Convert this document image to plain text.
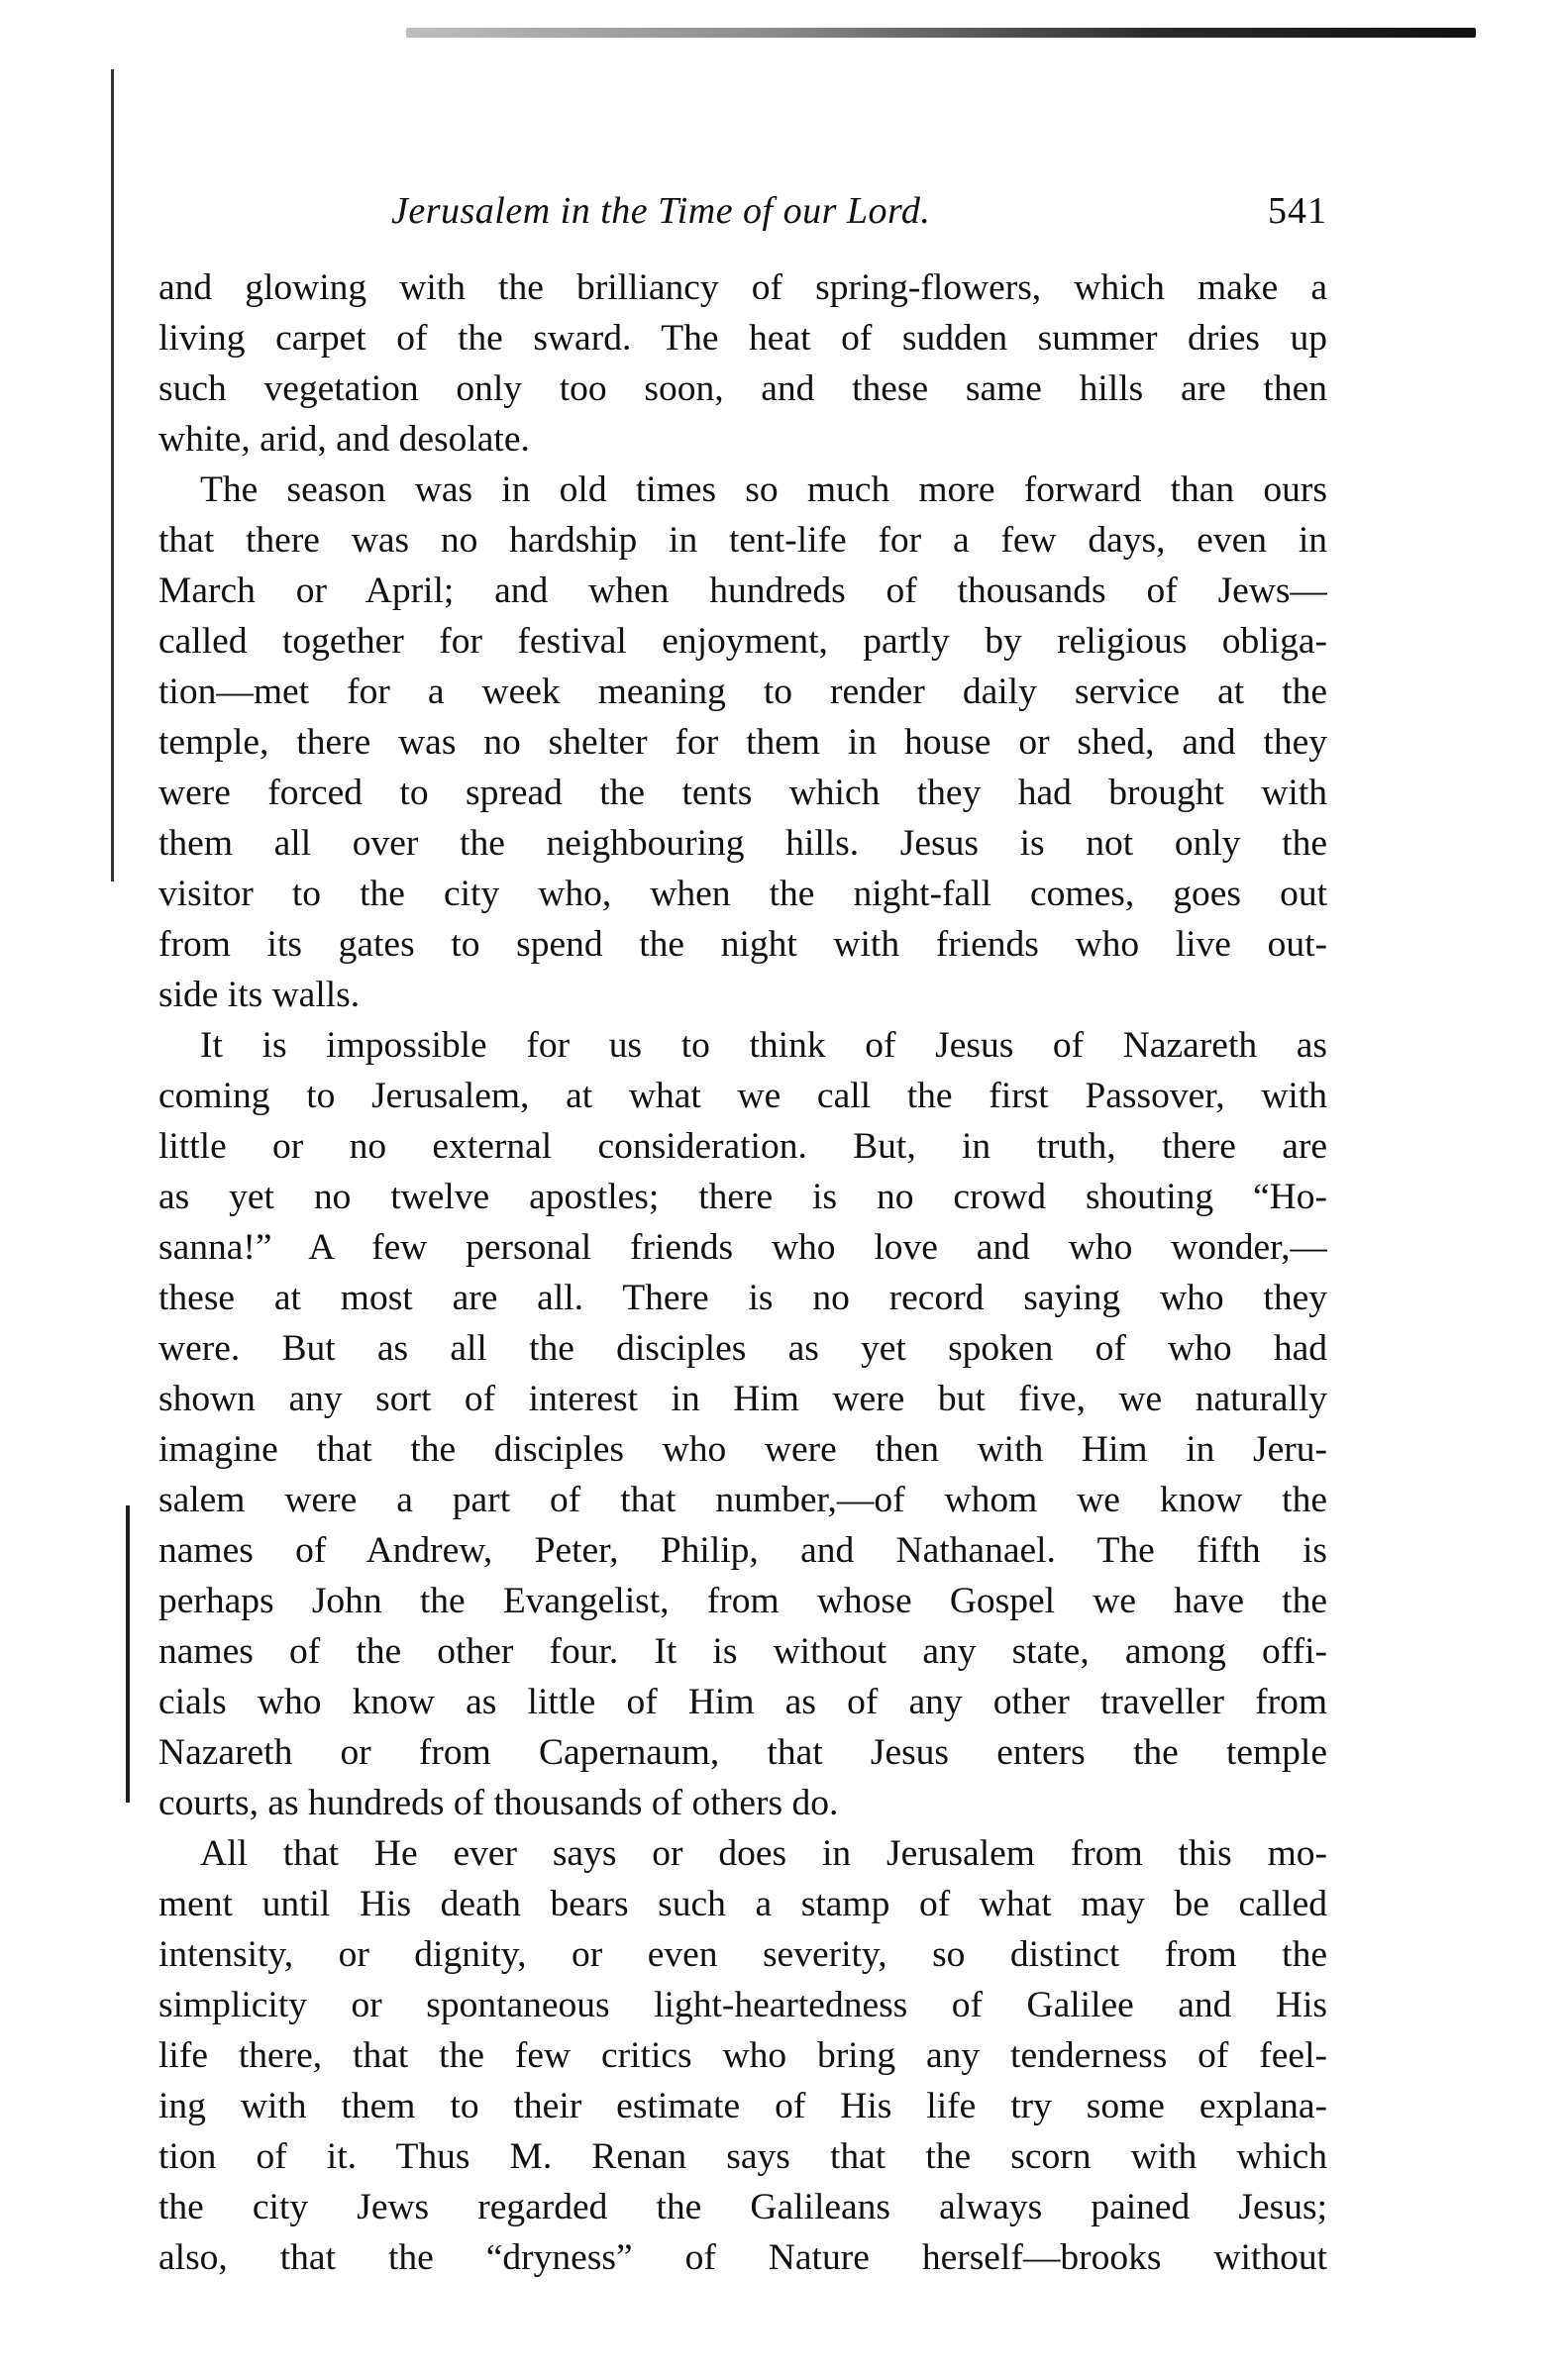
Jerusalem in the Time of our Lord.	541
and glowing with the brilliancy of spring-flowers, which make a
living carpet of the sward. The heat of sudden summer dries up
such vegetation only too soon, and these same hills are then
white, arid, and desolate.
The season was in old times so much more forward than ours
that there was no hardship in tent-life for a few days, even in
March or April; and when hundreds of thousands of Jews—
called together for festival enjoyment, partly by religious obliga-
tion—met for a week meaning to render daily service at the
temple, there was no shelter for them in house or shed, and they
were forced to spread the tents which they had brought with
them all over the neighbouring hills. Jesus is not only the
visitor to the city who, when the night-fall comes, goes out
from its gates to spend the night with friends who live out-
side its walls.
It is impossible for us to think of Jesus of Nazareth as
coming to Jerusalem, at what we call the first Passover, with
little or no external consideration. But, in truth, there are
as yet no twelve apostles; there is no crowd shouting “Ho-
sanna!” A few personal friends who love and who wonder,—
these at most are all. There is no record saying who they
were. But as all the disciples as yet spoken of who had
shown any sort of interest in Him were but five, we naturally
imagine that the disciples who were then with Him in Jeru-
salem were a part of that number,—of whom we know the
names of Andrew, Peter, Philip, and Nathanael. The fifth is
perhaps John the Evangelist, from whose Gospel we have the
names of the other four. It is without any state, among offi-
cials who know as little of Him as of any other traveller from
Nazareth or from Capernaum, that Jesus enters the temple
courts, as hundreds of thousands of others do.
All that He ever says or does in Jerusalem from this mo-
ment until His death bears such a stamp of what may be called
intensity, or dignity, or even severity, so distinct from the
simplicity or spontaneous light-heartedness of Galilee and His
life there, that the few critics who bring any tenderness of feel-
ing with them to their estimate of His life try some explana-
tion of it. Thus M. Renan says that the scorn with which
the city Jews regarded the Galileans always pained Jesus;
also, that the “dryness” of Nature herself—brooks without
